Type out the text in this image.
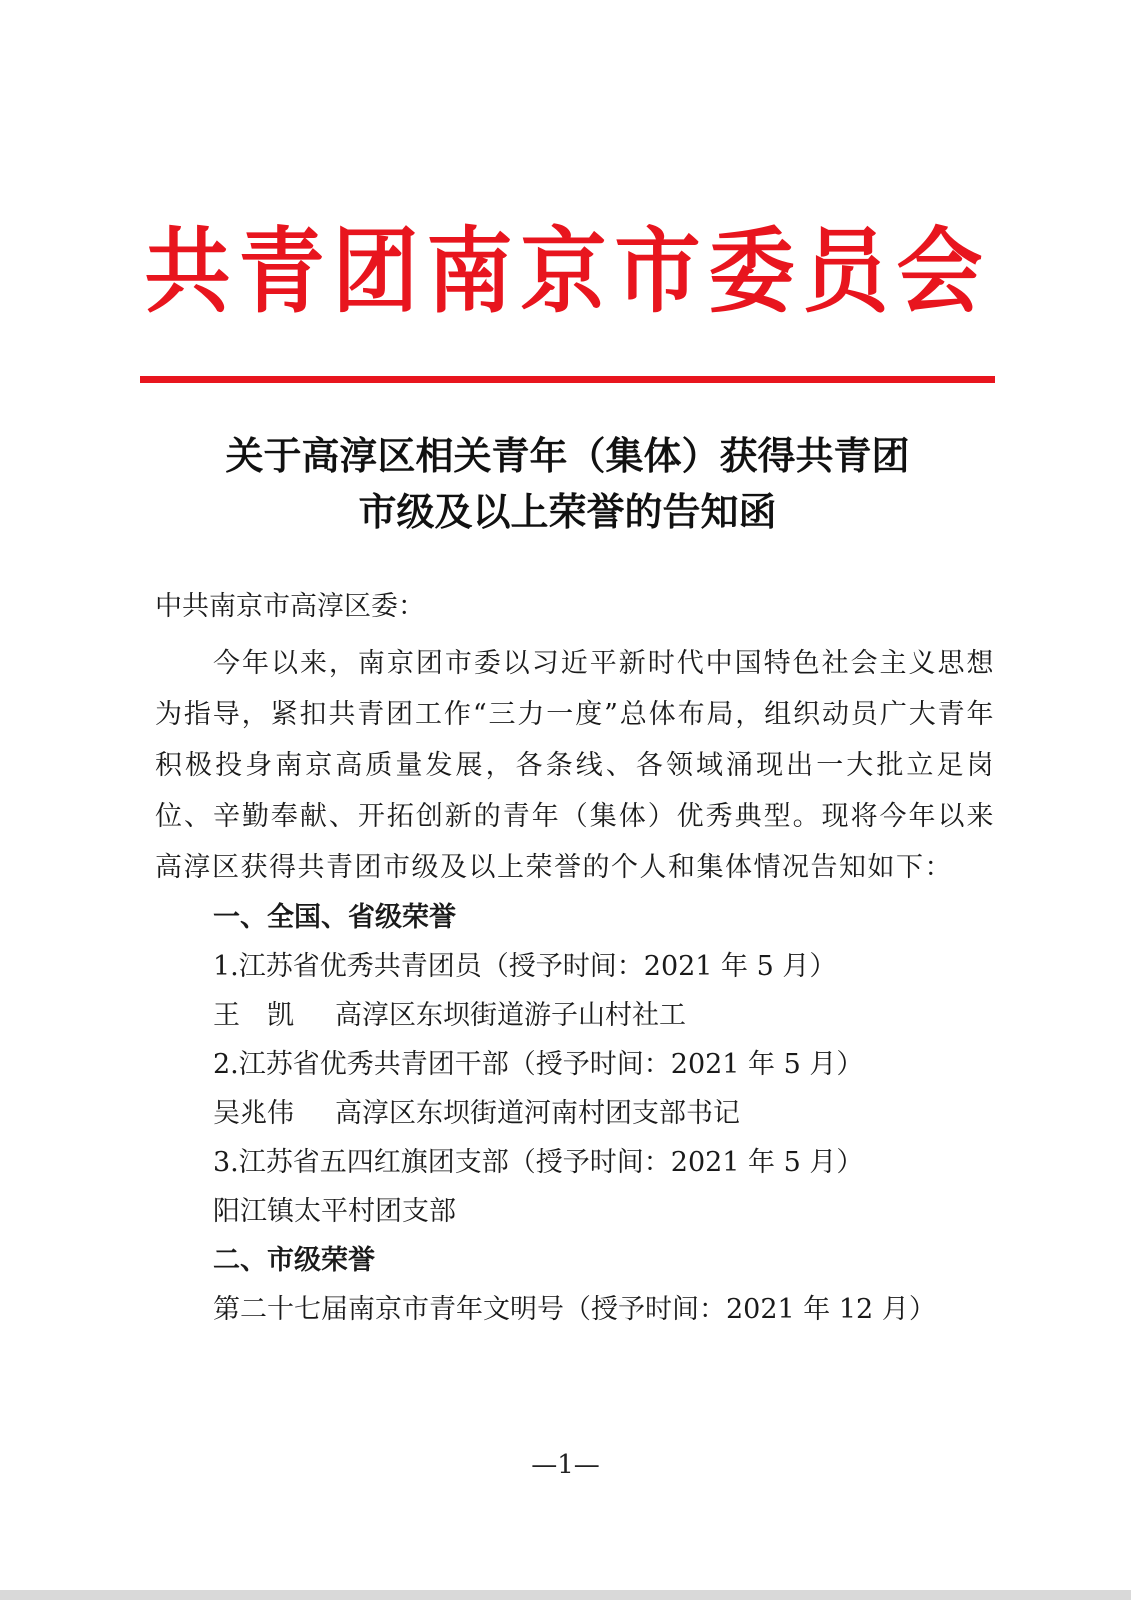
共青团南京市委员会
关于高淳区相关青年（集体）获得共青团
市级及以上荣誉的告知函
中共南京市高淳区委：
今年以来，南京团市委以习近平新时代中国特色社会主义思想为指导，紧扣共青团工作“三力一度”总体布局，组织动员广大青年积极投身南京高质量发展，各条线、各领域涌现出一大批立足岗位、辛勤奉献、开拓创新的青年（集体）优秀典型。现将今年以来高淳区获得共青团市级及以上荣誉的个人和集体情况告知如下：
一、全国、省级荣誉
1.江苏省优秀共青团员（授予时间：2021 年 5 月）
王　凯 高淳区东坝街道游子山村社工
2.江苏省优秀共青团干部（授予时间：2021 年 5 月）
吴兆伟 高淳区东坝街道河南村团支部书记
3.江苏省五四红旗团支部（授予时间：2021 年 5 月）
阳江镇太平村团支部
二、市级荣誉
第二十七届南京市青年文明号（授予时间：2021 年 12 月）
—1—
